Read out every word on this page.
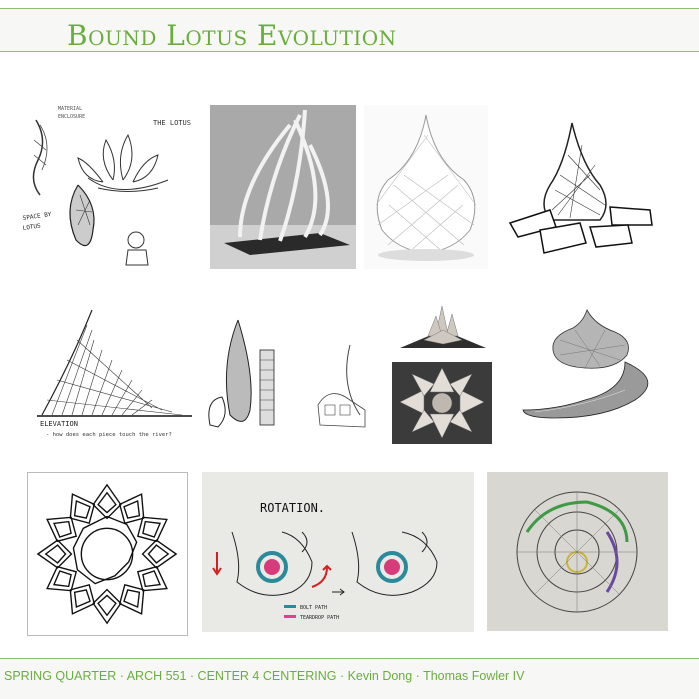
Bound Lotus Evolution
SPACE BY
LOTUS
THE LOTUS
MATERIAL
ENCLOSURE
ELEVATION
- how does each piece touch the river?
ROTATION.
BOLT PATH
TEARDROP PATH
SPRING QUARTER · ARCH 551 · CENTER 4 CENTERING · Kevin Dong · Thomas Fowler IV
